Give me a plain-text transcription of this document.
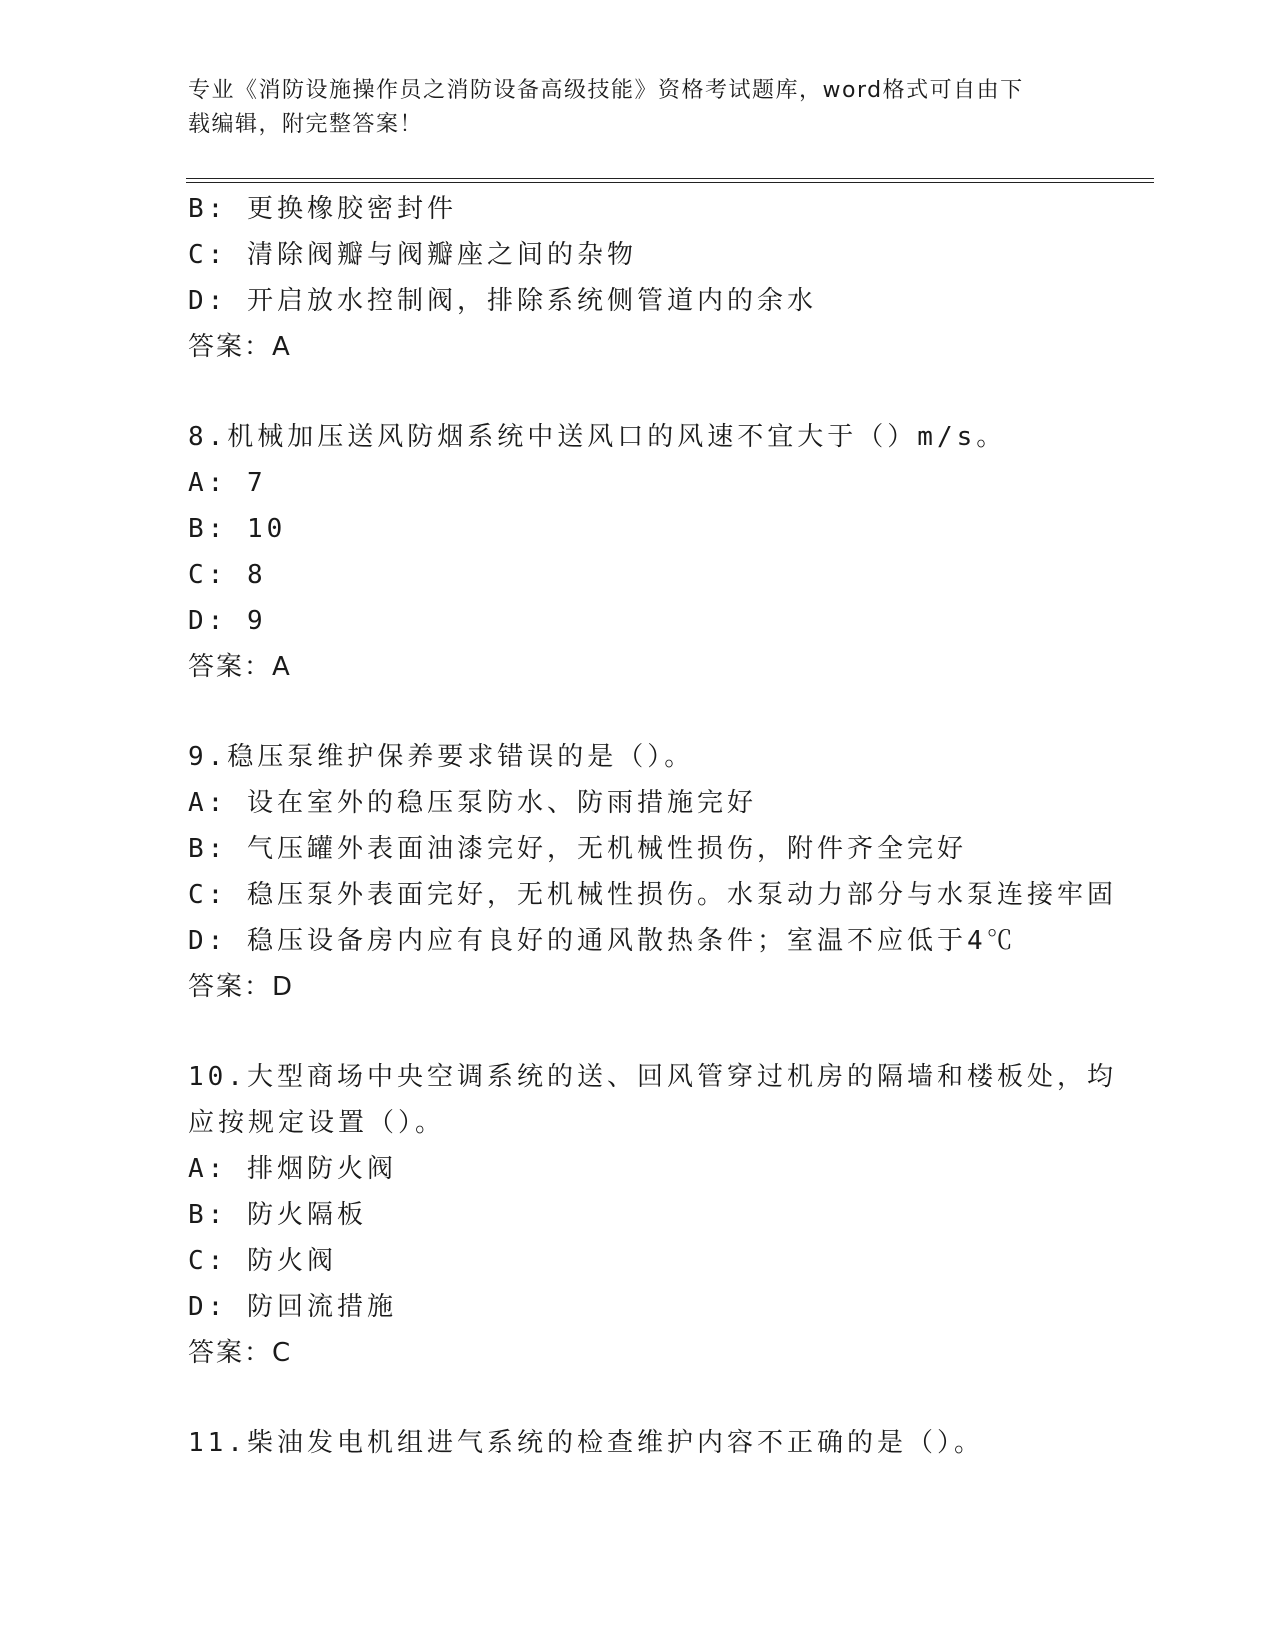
专业《消防设施操作员之消防设备高级技能》资格考试题库，word格式可自由下
载编辑，附完整答案！
B: 更换橡胶密封件
C: 清除阀瓣与阀瓣座之间的杂物
D: 开启放水控制阀，排除系统侧管道内的余水
答案：A
8.机械加压送风防烟系统中送风口的风速不宜大于（）m/s。
A: 7
B: 10
C: 8
D: 9
答案：A
9.稳压泵维护保养要求错误的是（）。
A: 设在室外的稳压泵防水、防雨措施完好
B: 气压罐外表面油漆完好，无机械性损伤，附件齐全完好
C: 稳压泵外表面完好，无机械性损伤。水泵动力部分与水泵连接牢固
D: 稳压设备房内应有良好的通风散热条件；室温不应低于4℃
答案：D
10.大型商场中央空调系统的送、回风管穿过机房的隔墙和楼板处，均
应按规定设置（）。
A: 排烟防火阀
B: 防火隔板
C: 防火阀
D: 防回流措施
答案：C
11.柴油发电机组进气系统的检查维护内容不正确的是（）。
